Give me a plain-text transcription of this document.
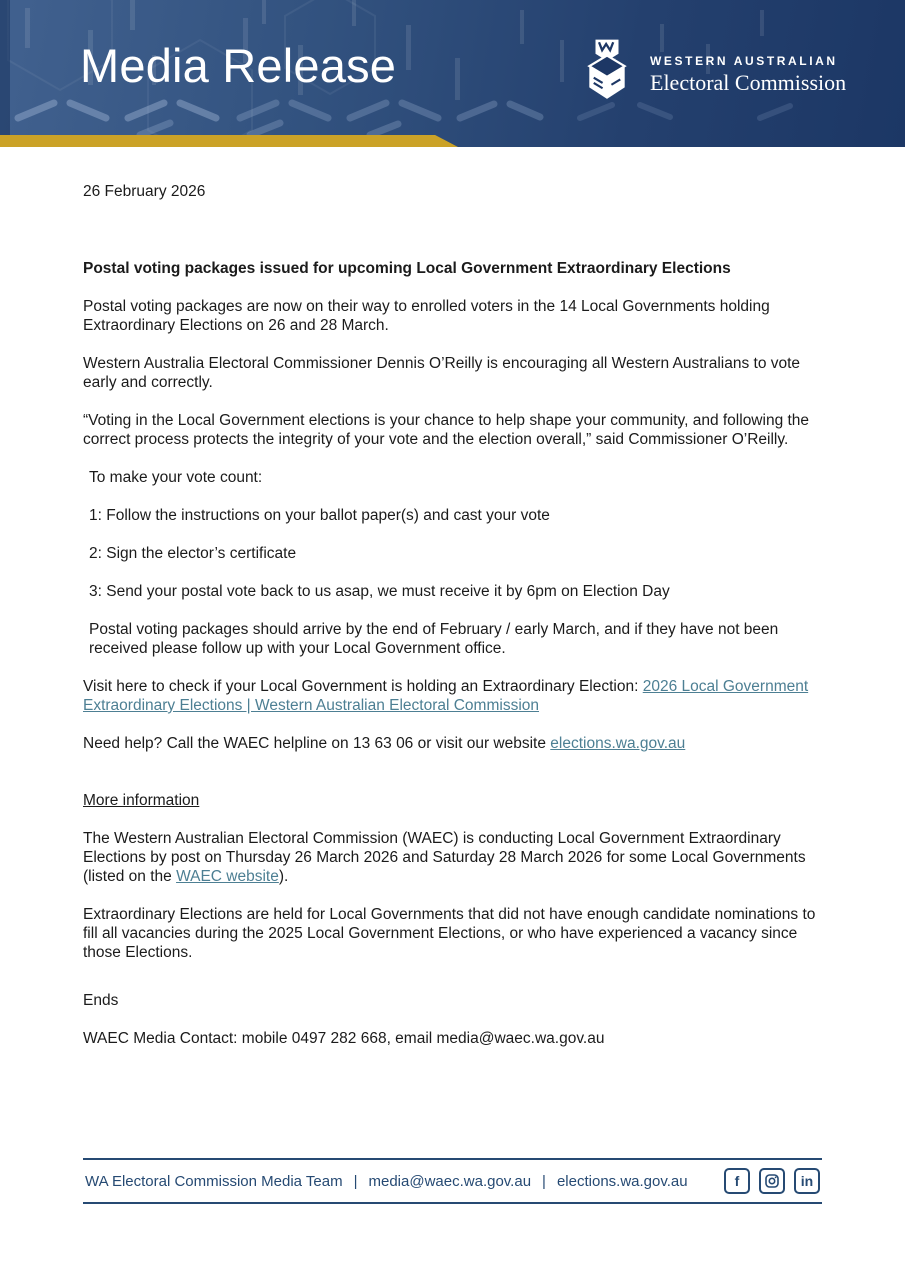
Media Release	WESTERN AUSTRALIAN
Electoral Commission

26 February 2026

Postal voting packages issued for upcoming Local Government Extraordinary Elections

Postal voting packages are now on their way to enrolled voters in the 14 Local Governments holding Extraordinary Elections on 26 and 28 March.

Western Australia Electoral Commissioner Dennis O’Reilly is encouraging all Western Australians to vote early and correctly.

“Voting in the Local Government elections is your chance to help shape your community, and following the correct process protects the integrity of your vote and the election overall,” said Commissioner O’Reilly.

To make your vote count:

1: Follow the instructions on your ballot paper(s) and cast your vote

2: Sign the elector’s certificate

3: Send your postal vote back to us asap, we must receive it by 6pm on Election Day

Postal voting packages should arrive by the end of February / early March, and if they have not been received please follow up with your Local Government office.

Visit here to check if your Local Government is holding an Extraordinary Election: 2026 Local Government Extraordinary Elections | Western Australian Electoral Commission

Need help? Call the WAEC helpline on 13 63 06 or visit our website elections.wa.gov.au

More information

The Western Australian Electoral Commission (WAEC) is conducting Local Government Extraordinary Elections by post on Thursday 26 March 2026 and Saturday 28 March 2026 for some Local Governments (listed on the WAEC website).

Extraordinary Elections are held for Local Governments that did not have enough candidate nominations to fill all vacancies during the 2025 Local Government Elections, or who have experienced a vacancy since those Elections.

Ends

WAEC Media Contact: mobile 0497 282 668, email media@waec.wa.gov.au

WA Electoral Commission Media Team | media@waec.wa.gov.au | elections.wa.gov.au	f	in
